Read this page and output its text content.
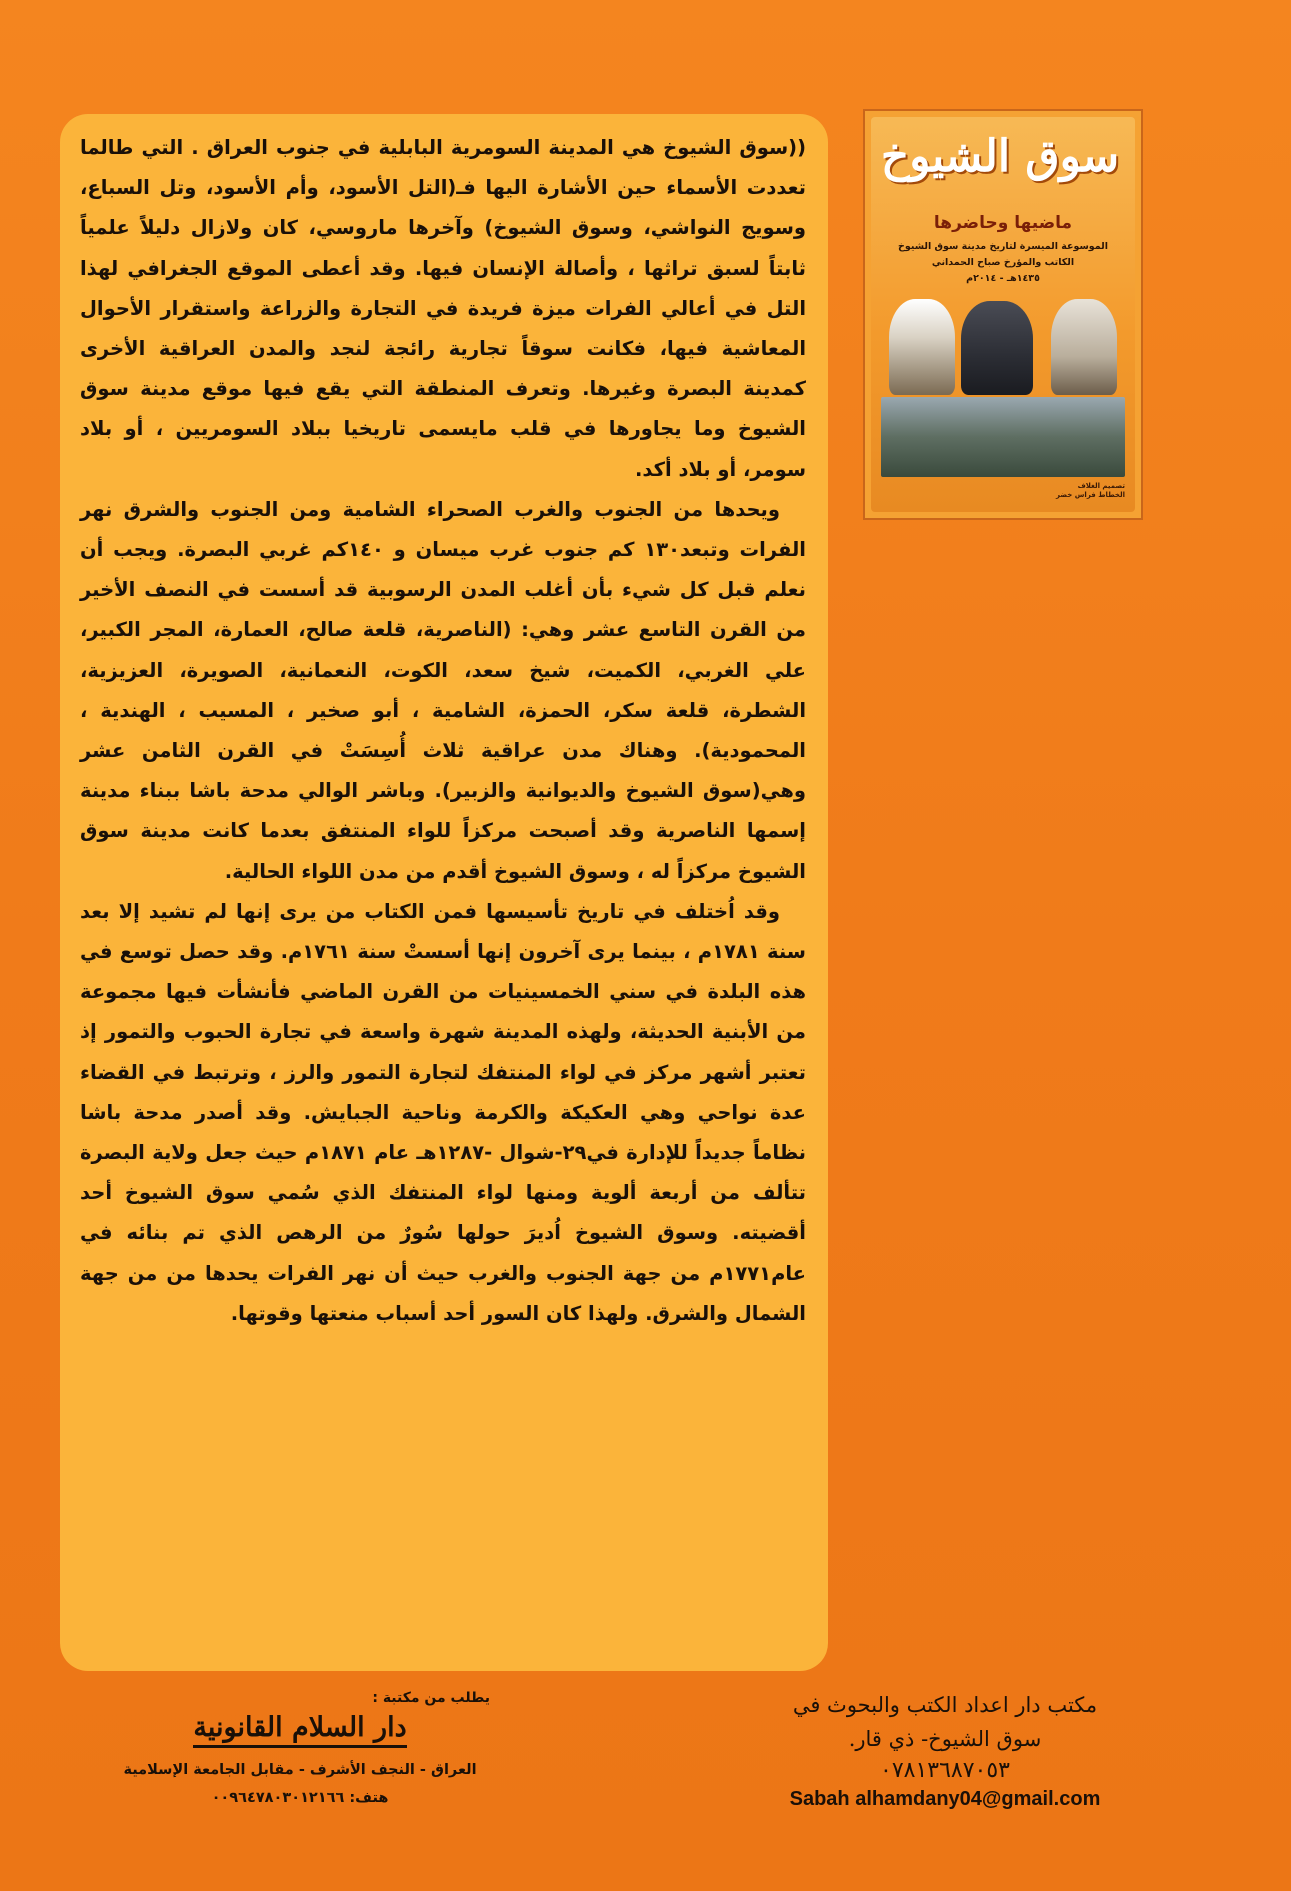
((سوق الشيوخ هي المدينة السومرية البابلية في جنوب العراق . التي طالما تعددت الأسماء حين الأشارة اليها فـ(التل الأسود، وأم الأسود، وتل السباع، وسويج النواشي، وسوق الشيوخ) وآخرها ماروسي، كان ولازال دليلاً علمياً ثابتاً لسبق تراثها ، وأصالة الإنسان فيها. وقد أعطى الموقع الجغرافي لهذا التل في أعالي الفرات ميزة فريدة في التجارة والزراعة واستقرار الأحوال المعاشية فيها، فكانت سوقاً تجارية رائجة لنجد والمدن العراقية الأخرى كمدينة البصرة وغيرها. وتعرف المنطقة التي يقع فيها موقع مدينة سوق الشيوخ وما يجاورها في قلب مايسمى تاريخيا ببلاد السومريين ، أو بلاد سومر، أو بلاد أكد.

ويحدها من الجنوب والغرب الصحراء الشامية ومن الجنوب والشرق نهر الفرات وتبعد١٣٠ كم جنوب غرب ميسان و ١٤٠كم غربي البصرة. ويجب أن نعلم قبل كل شيء بأن أغلب المدن الرسوبية قد أسست في النصف الأخير من القرن التاسع عشر وهي: (الناصرية، قلعة صالح، العمارة، المجر الكبير، علي الغربي، الكميت، شيخ سعد، الكوت، النعمانية، الصويرة، العزيزية، الشطرة، قلعة سكر، الحمزة، الشامية ، أبو صخير ، المسيب ، الهندية ، المحمودية). وهناك مدن عراقية ثلاث أُسِسَتْ في القرن الثامن عشر وهي(سوق الشيوخ والديوانية والزبير). وباشر الوالي مدحة باشا ببناء مدينة إسمها الناصرية وقد أصبحت مركزاً للواء المنتفق بعدما كانت مدينة سوق الشيوخ مركزاً له ، وسوق الشيوخ أقدم من مدن اللواء الحالية.

وقد اُختلف في تاريخ تأسيسها فمن الكتاب من يرى إنها لم تشيد إلا بعد سنة ١٧٨١م ، بينما يرى آخرون إنها أسستْ سنة ١٧٦١م. وقد حصل توسع في هذه البلدة في سني الخمسينيات من القرن الماضي فأنشأت فيها مجموعة من الأبنية الحديثة، ولهذه المدينة شهرة واسعة في تجارة الحبوب والتمور إذ تعتبر أشهر مركز في لواء المنتفك لتجارة التمور والرز ، وترتبط في القضاء عدة نواحي وهي العكيكة والكرمة وناحية الجبايش. وقد أصدر مدحة باشا نظاماً جديداً للإدارة في٢٩-شوال -١٢٨٧هـ عام ١٨٧١م حيث جعل ولاية البصرة تتألف من أربعة ألوية ومنها لواء المنتفك الذي سُمي سوق الشيوخ أحد أقضيته. وسوق الشيوخ اُديرَ حولها سُورٌ من الرهص الذي تم بنائه في عام١٧٧١م من جهة الجنوب والغرب حيث أن نهر الفرات يحدها من من جهة الشمال والشرق. ولهذا كان السور أحد أسباب منعتها وقوتها.

سوق الشيوخ
ماضيها وحاضرها
الموسوعة الميسرة لتاريخ مدينة سوق الشيوخ
الكاتب والمؤرخ صباح الحمداني
١٤٣٥هـ - ٢٠١٤م
تصميم الغلاف
الخطاط فراس خضر
يطلب من مكتبة :
دار السلام القانونية
العراق - النجف الأشرف - مقابل الجامعة الإسلامية
هتف: ٠٠٩٦٤٧٨٠٣٠١٢١٦٦
مكتب دار اعداد الكتب والبحوث في
سوق الشيوخ- ذي قار.
٠٧٨١٣٦٨٧٠٥٣
Sabah alhamdany04@gmail.com
